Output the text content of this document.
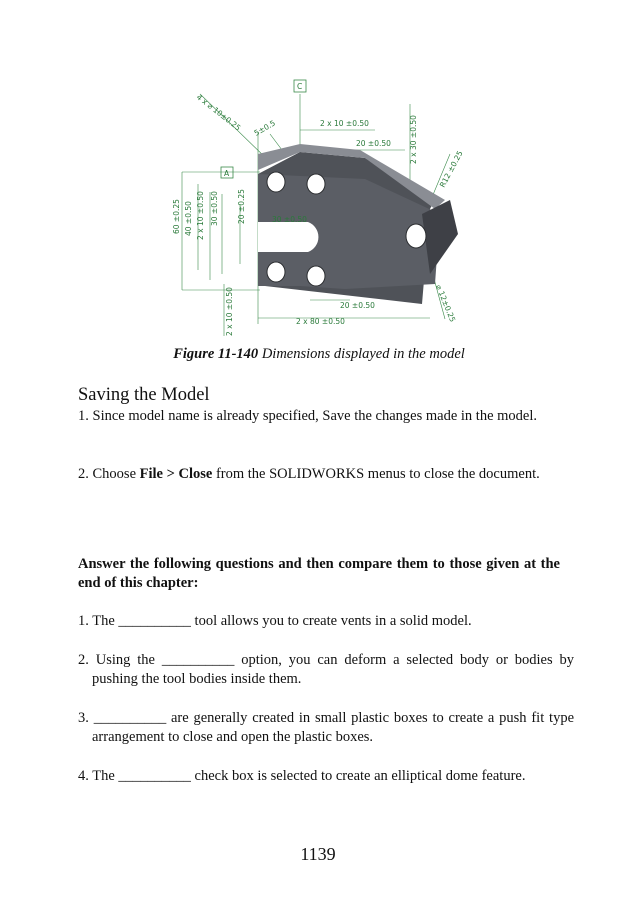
C
A
4 x ⌀ 10±0.25 5±0.5	2 x 10 ±0.50
20 ±0.50 2 x 30 ±0.50
R12 ±0.25
60 ±0.25 40 ±0.50 2 x 10 ±0.50 30 ±0.50 20 ±0.25	30 ±0.50
2 x 10 ±0.50	20 ±0.50
2 x 80 ±0.50	⌀ 12±0.25
Figure 11-140 Dimensions displayed in the model
Saving the Model
1. Since model name is already specified, Save the changes made in the model.
2. Choose File > Close from the SOLIDWORKS menus to close the document.
Answer the following questions and then compare them to those given at the end of this chapter:
1. The __________ tool allows you to create vents in a solid model.
2. Using the __________ option, you can deform a selected body or bodies by pushing the tool bodies inside them.
3. __________ are generally created in small plastic boxes to create a push fit type arrangement to close and open the plastic boxes.
4. The __________ check box is selected to create an elliptical dome feature.
1139
